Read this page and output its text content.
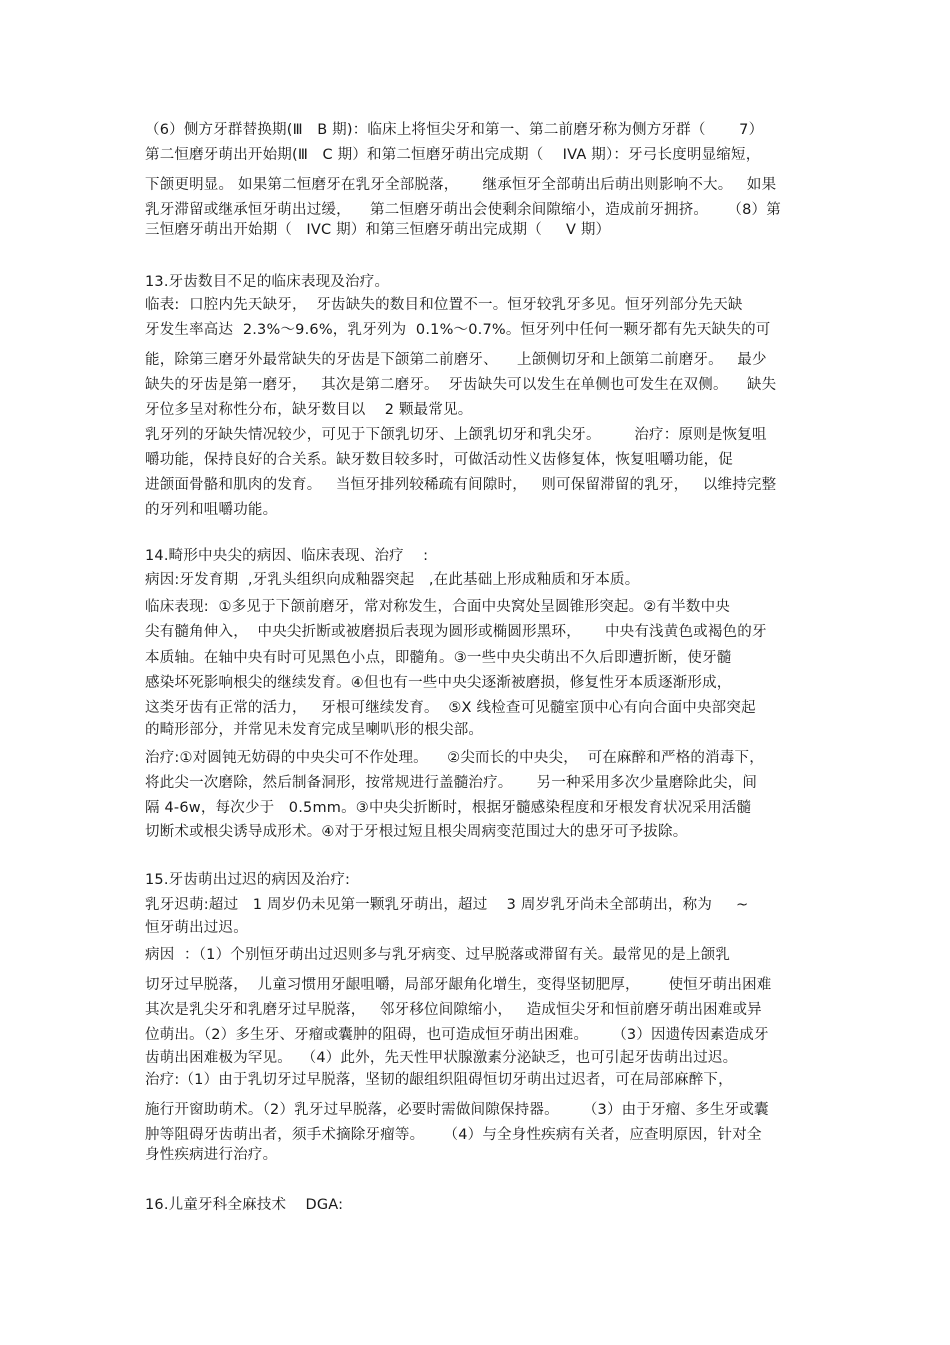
（6）侧方牙群替换期(Ⅲ   B 期)：临床上将恒尖牙和第一、第二前磨牙称为侧方牙群（       7）
第二恒磨牙萌出开始期(Ⅲ   C 期）和第二恒磨牙萌出完成期（    IVA 期）：牙弓长度明显缩短，
下颌更明显。 如果第二恒磨牙在乳牙全部脱落，     继承恒牙全部萌出后萌出则影响不大。   如果
乳牙滞留或继承恒牙萌出过缓，    第二恒磨牙萌出会使剩余间隙缩小，造成前牙拥挤。    （8）第
三恒磨牙萌出开始期（   IVC 期）和第三恒磨牙萌出完成期（     V 期）
13.牙齿数目不足的临床表现及治疗。
临表:  口腔内先天缺牙，  牙齿缺失的数目和位置不一。恒牙较乳牙多见。恒牙列部分先天缺
牙发生率高达  2.3%～9.6%，乳牙列为  0.1%～0.7%。恒牙列中任何一颗牙都有先天缺失的可
能，除第三磨牙外最常缺失的牙齿是下颌第二前磨牙、    上颌侧切牙和上颌第二前磨牙。   最少
缺失的牙齿是第一磨牙，   其次是第二磨牙。  牙齿缺失可以发生在单侧也可发生在双侧。    缺失
牙位多呈对称性分布，缺牙数目以    2 颗最常见。
乳牙列的牙缺失情况较少，可见于下颌乳切牙、上颌乳切牙和乳尖牙。       治疗：原则是恢复咀
嚼功能，保持良好的合关系。缺牙数目较多时，可做活动性义齿修复体，恢复咀嚼功能，促
进颌面骨骼和肌肉的发育。   当恒牙排列较稀疏有间隙时，   则可保留滞留的乳牙，   以维持完整
的牙列和咀嚼功能。
14.畸形中央尖的病因、临床表现、治疗    :
病因:牙发育期  ,牙乳头组织向成釉器突起   ,在此基础上形成釉质和牙本质。
临床表现:  ①多见于下颌前磨牙，常对称发生，合面中央窝处呈圆锥形突起。②有半数中央
尖有髓角伸入，  中央尖折断或被磨损后表现为圆形或椭圆形黑环，     中央有浅黄色或褐色的牙
本质轴。在轴中央有时可见黑色小点，即髓角。③一些中央尖萌出不久后即遭折断，使牙髓
感染坏死影响根尖的继续发育。④但也有一些中央尖逐渐被磨损，修复性牙本质逐渐形成，
这类牙齿有正常的活力，   牙根可继续发育。  ⑤X 线检查可见髓室顶中心有向合面中央部突起
的畸形部分，并常见未发育完成呈喇叭形的根尖部。
治疗:①对圆钝无妨碍的中央尖可不作处理。    ②尖而长的中央尖，  可在麻醉和严格的消毒下，
将此尖一次磨除，然后制备洞形，按常规进行盖髓治疗。     另一种采用多次少量磨除此尖，间
隔 4-6w，每次少于   0.5mm。③中央尖折断时，根据牙髓感染程度和牙根发育状况采用活髓
切断术或根尖诱导成形术。④对于牙根过短且根尖周病变范围过大的患牙可予拔除。
15.牙齿萌出过迟的病因及治疗:
乳牙迟萌:超过   1 周岁仍未见第一颗乳牙萌出，超过    3 周岁乳牙尚未全部萌出，称为     ~
恒牙萌出过迟。
病因  ：（1）个别恒牙萌出过迟则多与乳牙病变、过早脱落或滞留有关。最常见的是上颌乳
切牙过早脱落，  儿童习惯用牙龈咀嚼，局部牙龈角化增生，变得坚韧肥厚，      使恒牙萌出困难
其次是乳尖牙和乳磨牙过早脱落，   邻牙移位间隙缩小，   造成恒尖牙和恒前磨牙萌出困难或异
位萌出。（2）多生牙、牙瘤或囊肿的阻碍，也可造成恒牙萌出困难。     （3）因遗传因素造成牙
齿萌出困难极为罕见。  （4）此外，先天性甲状腺激素分泌缺乏，也可引起牙齿萌出过迟。
治疗:（1）由于乳切牙过早脱落，坚韧的龈组织阻碍恒切牙萌出过迟者，可在局部麻醉下，
施行开窗助萌术。（2）乳牙过早脱落，必要时需做间隙保持器。     （3）由于牙瘤、多生牙或囊
肿等阻碍牙齿萌出者，须手术摘除牙瘤等。    （4）与全身性疾病有关者，应查明原因，针对全
身性疾病进行治疗。
16.儿童牙科全麻技术    DGA:
